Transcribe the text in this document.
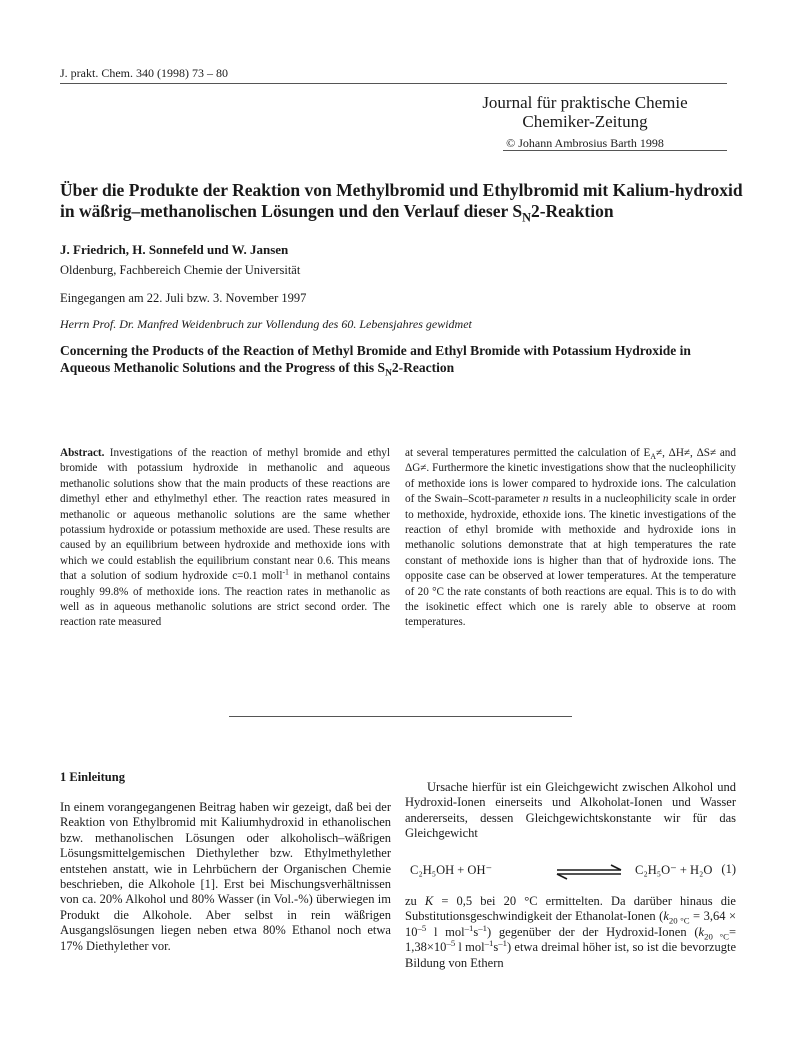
J. prakt. Chem. 340 (1998) 73 – 80
Journal für praktische Chemie
Chemiker-Zeitung
© Johann Ambrosius Barth 1998
Über die Produkte der Reaktion von Methylbromid und Ethylbromid mit Kalium-hydroxid in wäßrig–methanolischen Lösungen und den Verlauf dieser $S_N2$-Reaktion
J. Friedrich, H. Sonnefeld und W. Jansen
Oldenburg, Fachbereich Chemie der Universität
Eingegangen am 22. Juli bzw. 3. November 1997
Herrn Prof. Dr. Manfred Weidenbruch zur Vollendung des 60. Lebensjahres gewidmet
Concerning the Products of the Reaction of Methyl Bromide and Ethyl Bromide with Potassium Hydroxide in Aqueous Methanolic Solutions and the Progress of this $S_N2$-Reaction

Abstract. Investigations of the reaction of methyl bromide and ethyl bromide with potassium hydroxide in methanolic and aqueous methanolic solutions show that the main products of these reactions are dimethyl ether and ethylmethyl ether. The reaction rates measured in methanolic or aqueous methanolic solutions are the same whether potassium hydroxide or potassium methoxide are used. These results are caused by an equilibrium between hydroxide and methoxide ions with which we could establish the equilibrium constant near 0.6. This means that a solution of sodium hydroxide c=0.1 moll$^{-1}$ in methanol contains roughly 99.8% of methoxide ions. The reaction rates in methanolic as well as in aqueous methanolic solutions are strict second order. The reaction rate measured

at several temperatures permitted the calculation of $E_A\ne$, ΔH≠, ΔS≠ and ΔG≠. Furthermore the kinetic investigations show that the nucleophilicity of methoxide ions is lower compared to hydroxide ions. The calculation of the Swain–Scott-parameter n results in a nucleophilicity scale in order to methoxide, hydroxide, ethoxide ions. The kinetic investigations of the reaction of ethyl bromide with methoxide and hydroxide ions in methanolic solutions demonstrate that at high temperatures the rate constant of methoxide ions is higher than that of hydroxide ions. The opposite case can be observed at lower temperatures. At the temperature of 20 °C the rate constants of both reactions are equal. This is to do with the isokinetic effect which one is rarely able to observe at room temperatures.

1 Einleitung

In einem vorangegangenen Beitrag haben wir gezeigt, daß bei der Reaktion von Ethylbromid mit Kaliumhydroxid in ethanolischen bzw. methanolischen Lösungen oder alkoholisch–wäßrigen Lösungsmittelgemischen Diethylether bzw. Ethylmethylether entstehen anstatt, wie in Lehrbüchern der Organischen Chemie beschrieben, die Alkohole [1]. Erst bei Mischungsverhältnissen von ca. 20% Alkohol und 80% Wasser (in Vol.-%) überwiegen im Produkt die Alkohole. Aber selbst in rein wäßrigen Ausgangslösungen liegen neben etwa 80% Ethanol noch etwa 17% Diethylether vor.

Ursache hierfür ist ein Gleichgewicht zwischen Alkohol und Hydroxid-Ionen einerseits und Alkoholat-Ionen und Wasser andererseits, dessen Gleichgewichtskonstante wir für das Gleichgewicht

C₂H₅OH + OH⁻	C₂H₅O⁻ + H₂O (1)

zu K = 0,5 bei 20 °C ermittelten. Da darüber hinaus die Substitutionsgeschwindigkeit der Ethanolat-Ionen ($k_{20 ^\circ C} = 3,64 \times 10^{-5}$ l $mol^{-1}s^{-1}$) gegenüber der der Hydroxid-Ionen ($k_{20 ^\circ C}= 1,38\times 10^{-5}$ l $mol^{-1}s^{-1}$) etwa dreimal höher ist, so ist die bevorzugte Bildung von Ethern
